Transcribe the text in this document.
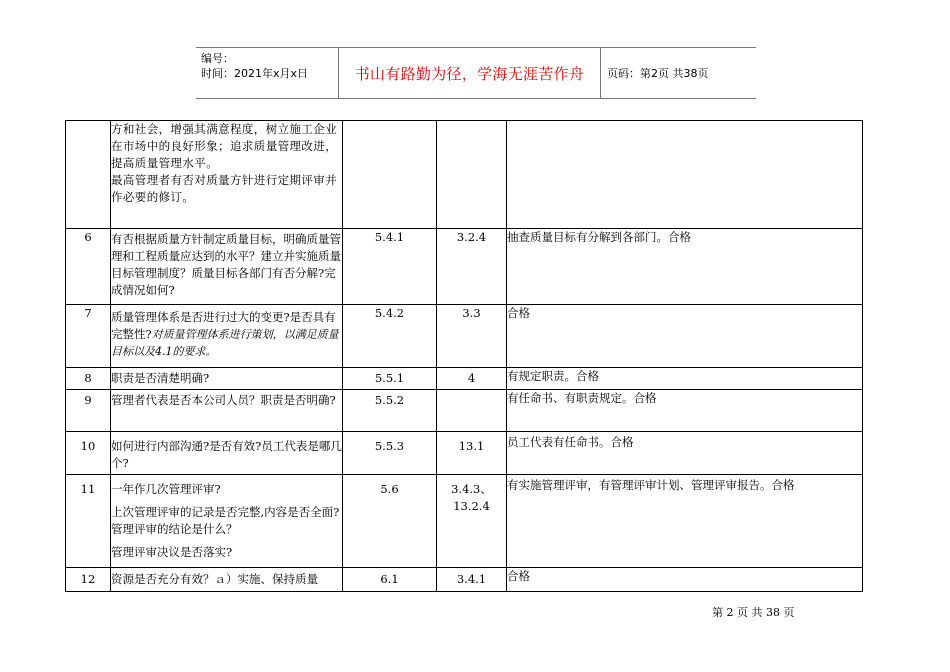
编号：
时间：2021年x月x日	书山有路勤为径，学海无涯苦作舟	页码：第2页 共38页

	方和社会，增强其满意程度，树立施工企业在市场中的良好形象；追求质量管理改进，提高质量管理水平。
最高管理者有否对质量方针进行定期评审并作必要的修订。			

6	有否根据质量方针制定质量目标，明确质量管理和工程质量应达到的水平？建立并实施质量目标管理制度？质量目标各部门有否分解?完成情况如何?	5.4.1	3.2.4	抽查质量目标有分解到各部门。合格
7	质量管理体系是否进行过大的变更?是否具有完整性?对质量管理体系进行策划，以满足质量目标以及4.1的要求。	5.4.2	3.3	合格
8	职责是否清楚明确?	5.5.1	4	有规定职责。合格
9	管理者代表是否本公司人员？职责是否明确?	5.5.2		有任命书、有职责规定。合格
10	如何进行内部沟通?是否有效?员工代表是哪几个?	5.5.3	13.1	员工代表有任命书。合格
11	一年作几次管理评审?
上次管理评审的记录是否完整,内容是否全面?管理评审的结论是什么？
管理评审决议是否落实?	5.6	3.4.3、13.2.4	有实施管理评审，有管理评审计划、管理评审报告。合格
12	资源是否充分有效？ａ）实施、保持质量	6.1	3.4.1	合格
第 2 页 共 38 页
